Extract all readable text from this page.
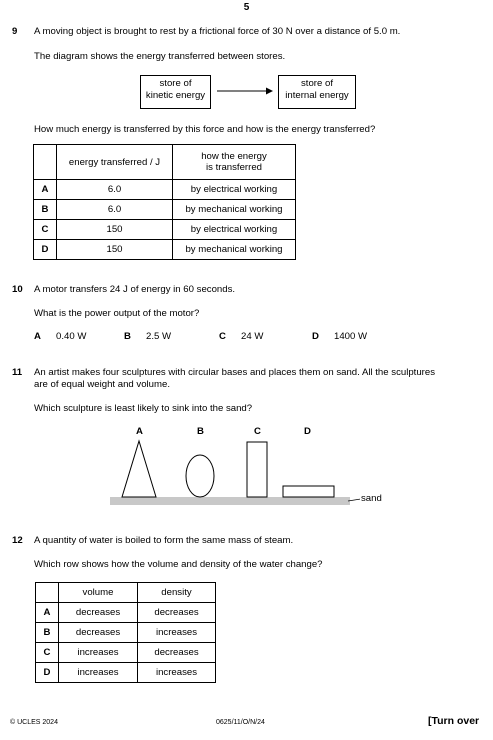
5
9 A moving object is brought to rest by a frictional force of 30 N over a distance of 5.0 m.
The diagram shows the energy transferred between stores.
store of
kinetic energy
store of
internal energy
How much energy is transferred by this force and how is the energy transferred?
	energy transferred / J	how the energy
is transferred

A	6.0	by electrical working
B	6.0	by mechanical working
C	150	by electrical working
D	150	by mechanical working
10 A motor transfers 24 J of energy in 60 seconds.
What is the power output of the motor?
A 0.40 W	B 2.5 W	C 24 W	D 1400 W
11 An artist makes four sculptures with circular bases and places them on sand. All the sculptures
are of equal weight and volume.
Which sculpture is least likely to sink into the sand?
A	B	C	D
sand
12 A quantity of water is boiled to form the same mass of steam.
Which row shows how the volume and density of the water change?
	volume	density
A	decreases	decreases
B	decreases	increases
C	increases	decreases
D	increases	increases
© UCLES 2024	0625/11/O/N/24	[Turn over
